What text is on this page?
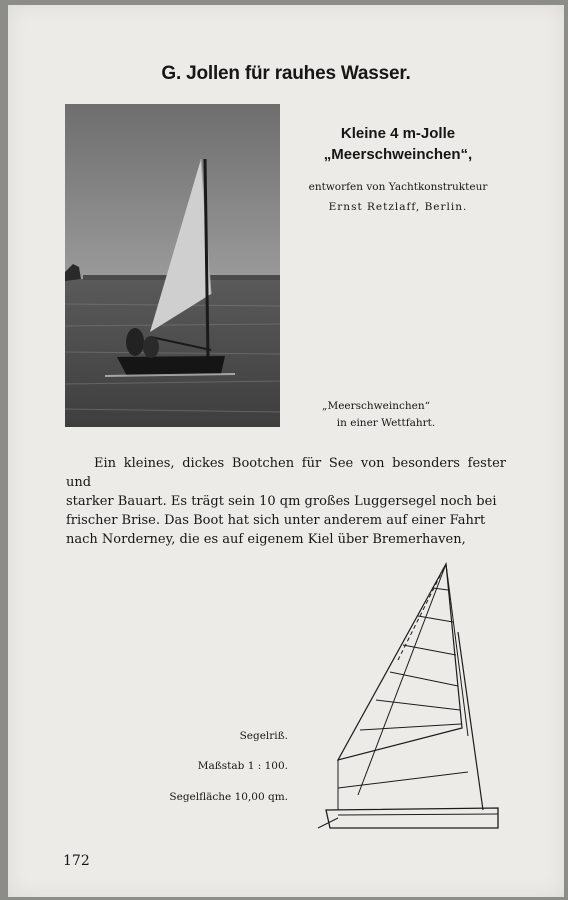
G. Jollen für rauhes Wasser.
Kleine 4 m-Jolle
„Meerschweinchen“,
entworfen von Yachtkonstrukteur
Ernst Retzlaff, Berlin.
„Meerschweinchen“
in einer Wettfahrt.
Ein kleines, dickes Bootchen für See von besonders fester und
starker Bauart. Es trägt sein 10 qm großes Luggersegel noch bei
frischer Brise. Das Boot hat sich unter anderem auf einer Fahrt
nach Norderney, die es auf eigenem Kiel über Bremerhaven,
Segelriß.
Maßstab 1 : 100.
Segelfläche 10,00 qm.
172
